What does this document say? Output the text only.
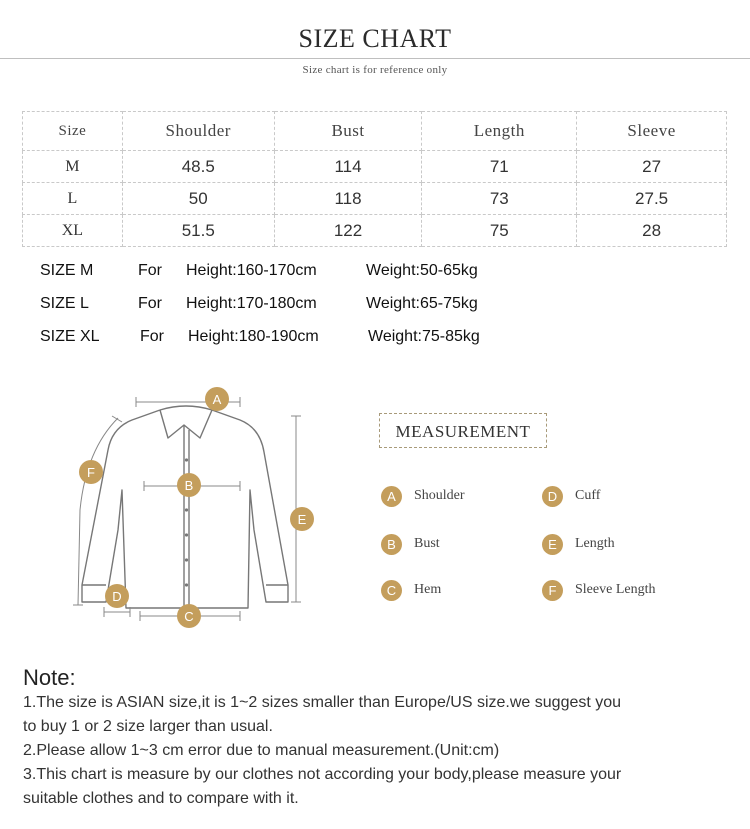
SIZE CHART
Size chart is for reference only
Size	Shoulder	Bust	Length	Sleeve
M	48.5	114	71	27
L	50	118	73	27.5
XL	51.5	122	75	28
SIZE M	For Height:160-170cm	Weight:50-65kg
SIZE L	For Height:170-180cm	Weight:65-75kg
SIZE XL	For Height:180-190cm	Weight:75-85kg
A
B
C
D
E
F
MEASUREMENT
A	Shoulder
B	Bust
C	Hem
D	Cuff
E	Length
F	Sleeve Length
Note:
1.The size is ASIAN size,it is 1~2 sizes smaller than Europe/US size.we suggest you
to buy 1 or 2 size larger than usual.
2.Please allow 1~3 cm error due to manual measurement.(Unit:cm)
3.This chart is measure by our clothes not according your body,please measure your
suitable clothes and to compare with it.
